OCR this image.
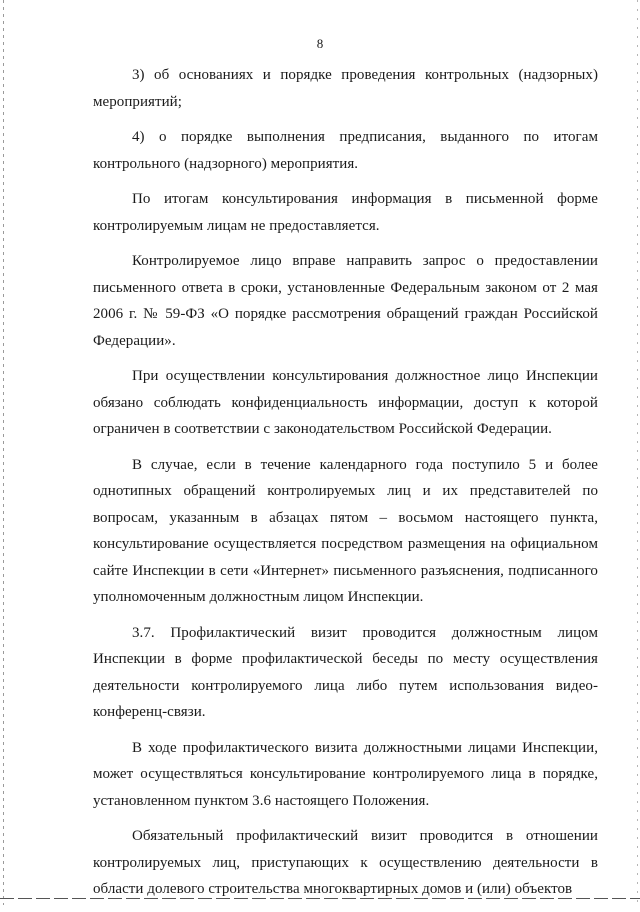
8

3) об основаниях и порядке проведения контрольных (надзорных) мероприятий;

4) о порядке выполнения предписания, выданного по итогам контрольного (надзорного) мероприятия.

По итогам консультирования информация в письменной форме контролируемым лицам не предоставляется.

Контролируемое лицо вправе направить запрос о предоставлении письменного ответа в сроки, установленные Федеральным законом от 2 мая 2006 г. № 59-ФЗ «О порядке рассмотрения обращений граждан Российской Федерации».

При осуществлении консультирования должностное лицо Инспекции обязано соблюдать конфиденциальность информации, доступ к которой ограничен в соответствии с законодательством Российской Федерации.

В случае, если в течение календарного года поступило 5 и более однотипных обращений контролируемых лиц и их представителей по вопросам, указанным в абзацах пятом – восьмом настоящего пункта, консультирование осуществляется посредством размещения на официальном сайте Инспекции в сети «Интернет» письменного разъяснения, подписанного уполномоченным должностным лицом Инспекции.

3.7. Профилактический визит проводится должностным лицом Инспекции в форме профилактической беседы по месту осуществления деятельности контролируемого лица либо путем использования видео-конференц-связи.

В ходе профилактического визита должностными лицами Инспекции, может осуществляться консультирование контролируемого лица в порядке, установленном пунктом 3.6 настоящего Положения.

Обязательный профилактический визит проводится в отношении контролируемых лиц, приступающих к осуществлению деятельности в области долевого строительства многоквартирных домов и (или) объектов
